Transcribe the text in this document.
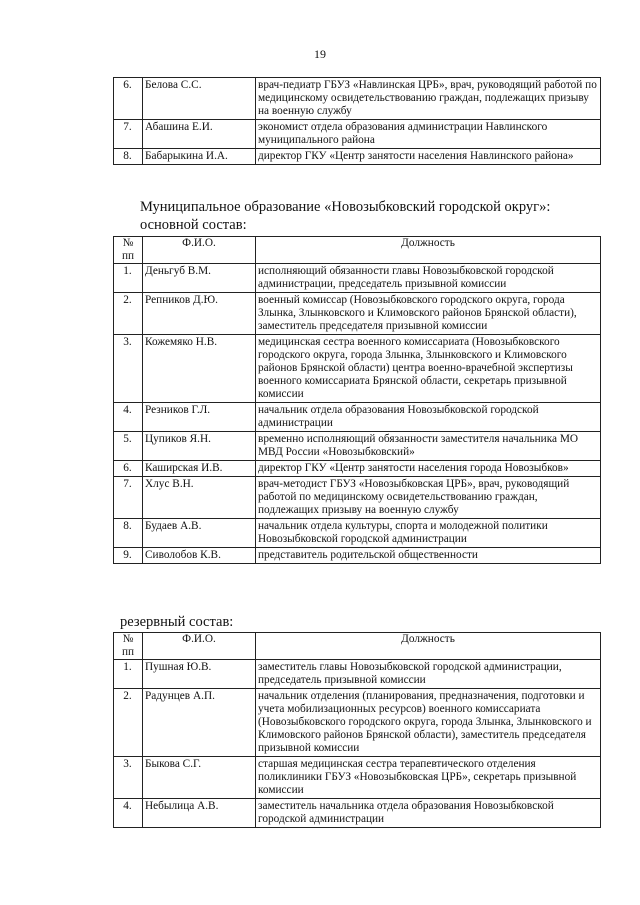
19
6.	Белова С.С.	врач-педиатр ГБУЗ «Навлинская ЦРБ», врач, руководящий работой по медицинскому освидетельствованию граждан, подлежащих призыву на военную службу
7.	Абашина Е.И.	экономист отдела образования администрации Навлинского муниципального района
8.	Бабарыкина И.А.	директор ГКУ «Центр занятости населения Навлинского района»
Муниципальное образование «Новозыбковский городской округ»:
основной состав:
№ пп	Ф.И.О.	Должность
1.	Деньгуб В.М.	исполняющий обязанности главы Новозыбковской городской администрации, председатель призывной комиссии
2.	Репников Д.Ю.	военный комиссар (Новозыбковского городского округа, города Злынка, Злынковского и Климовского районов Брянской области), заместитель председателя призывной комиссии
3.	Кожемяко Н.В.	медицинская сестра военного комиссариата (Новозыбковского городского округа, города Злынка, Злынковского и Климовского районов Брянской области) центра военно-врачебной экспертизы военного комиссариата Брянской области, секретарь призывной комиссии
4.	Резников Г.Л.	начальник отдела образования Новозыбковской городской администрации
5.	Цупиков Я.Н.	временно исполняющий обязанности заместителя начальника МО МВД России «Новозыбковский»
6.	Каширская И.В.	директор ГКУ «Центр занятости населения города Новозыбков»
7.	Хлус В.Н.	врач-методист ГБУЗ «Новозыбковская ЦРБ», врач, руководящий работой по медицинскому освидетельствованию граждан, подлежащих призыву на военную службу
8.	Будаев А.В.	начальник отдела культуры, спорта и молодежной политики Новозыбковской городской администрации
9.	Сиволобов К.В.	представитель родительской общественности
резервный состав:
№ пп	Ф.И.О.	Должность
1.	Пушная Ю.В.	заместитель главы Новозыбковской городской администрации, председатель призывной комиссии
2.	Радунцев А.П.	начальник отделения (планирования, предназначения, подготовки и учета мобилизационных ресурсов) военного комиссариата (Новозыбковского городского округа, города Злынка, Злынковского и Климовского районов Брянской области), заместитель председателя призывной комиссии
3.	Быкова С.Г.	старшая медицинская сестра терапевтического отделения поликлиники ГБУЗ «Новозыбковская ЦРБ», секретарь призывной комиссии
4.	Небылица А.В.	заместитель начальника отдела образования Новозыбковской городской администрации
